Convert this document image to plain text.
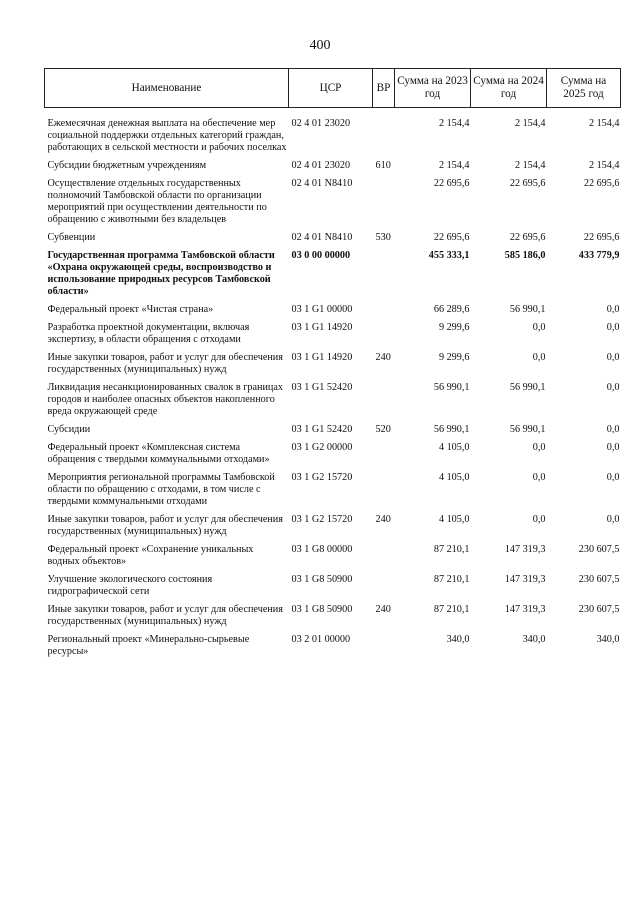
400
Наименование	ЦСР	ВР	Сумма на 2023 год	Сумма на 2024 год	Сумма на 2025 год

Ежемесячная денежная выплата на обеспечение мер социальной поддержки отдельных категорий граждан, работающих в сельской местности и рабочих поселках	02 4 01 23020		2 154,4	2 154,4	2 154,4
Субсидии бюджетным учреждениям	02 4 01 23020	610	2 154,4	2 154,4	2 154,4
Осуществление отдельных государственных полномочий Тамбовской области по организации мероприятий при осуществлении деятельности по обращению с животными без владельцев	02 4 01 N8410		22 695,6	22 695,6	22 695,6
Субвенции	02 4 01 N8410	530	22 695,6	22 695,6	22 695,6
Государственная программа Тамбовской области «Охрана окружающей среды, воспроизводство и использование природных ресурсов Тамбовской области»	03 0 00 00000		455 333,1	585 186,0	433 779,9
Федеральный проект «Чистая страна»	03 1 G1 00000		66 289,6	56 990,1	0,0
Разработка проектной документации, включая экспертизу, в области обращения с отходами	03 1 G1 14920		9 299,6	0,0	0,0
Иные закупки товаров, работ и услуг для обеспечения государственных (муниципальных) нужд	03 1 G1 14920	240	9 299,6	0,0	0,0
Ликвидация несанкционированных свалок в границах городов и наиболее опасных объектов накопленного вреда окружающей среде	03 1 G1 52420		56 990,1	56 990,1	0,0
Субсидии	03 1 G1 52420	520	56 990,1	56 990,1	0,0
Федеральный проект «Комплексная система обращения с твердыми коммунальными отходами»	03 1 G2 00000		4 105,0	0,0	0,0
Мероприятия региональной программы Тамбовской области по обращению с отходами, в том числе с твердыми коммунальными отходами	03 1 G2 15720		4 105,0	0,0	0,0
Иные закупки товаров, работ и услуг для обеспечения государственных (муниципальных) нужд	03 1 G2 15720	240	4 105,0	0,0	0,0
Федеральный проект «Сохранение уникальных водных объектов»	03 1 G8 00000		87 210,1	147 319,3	230 607,5
Улучшение экологического состояния гидрографической сети	03 1 G8 50900		87 210,1	147 319,3	230 607,5
Иные закупки товаров, работ и услуг для обеспечения государственных (муниципальных) нужд	03 1 G8 50900	240	87 210,1	147 319,3	230 607,5
Региональный проект «Минерально-сырьевые ресурсы»	03 2 01 00000		340,0	340,0	340,0
